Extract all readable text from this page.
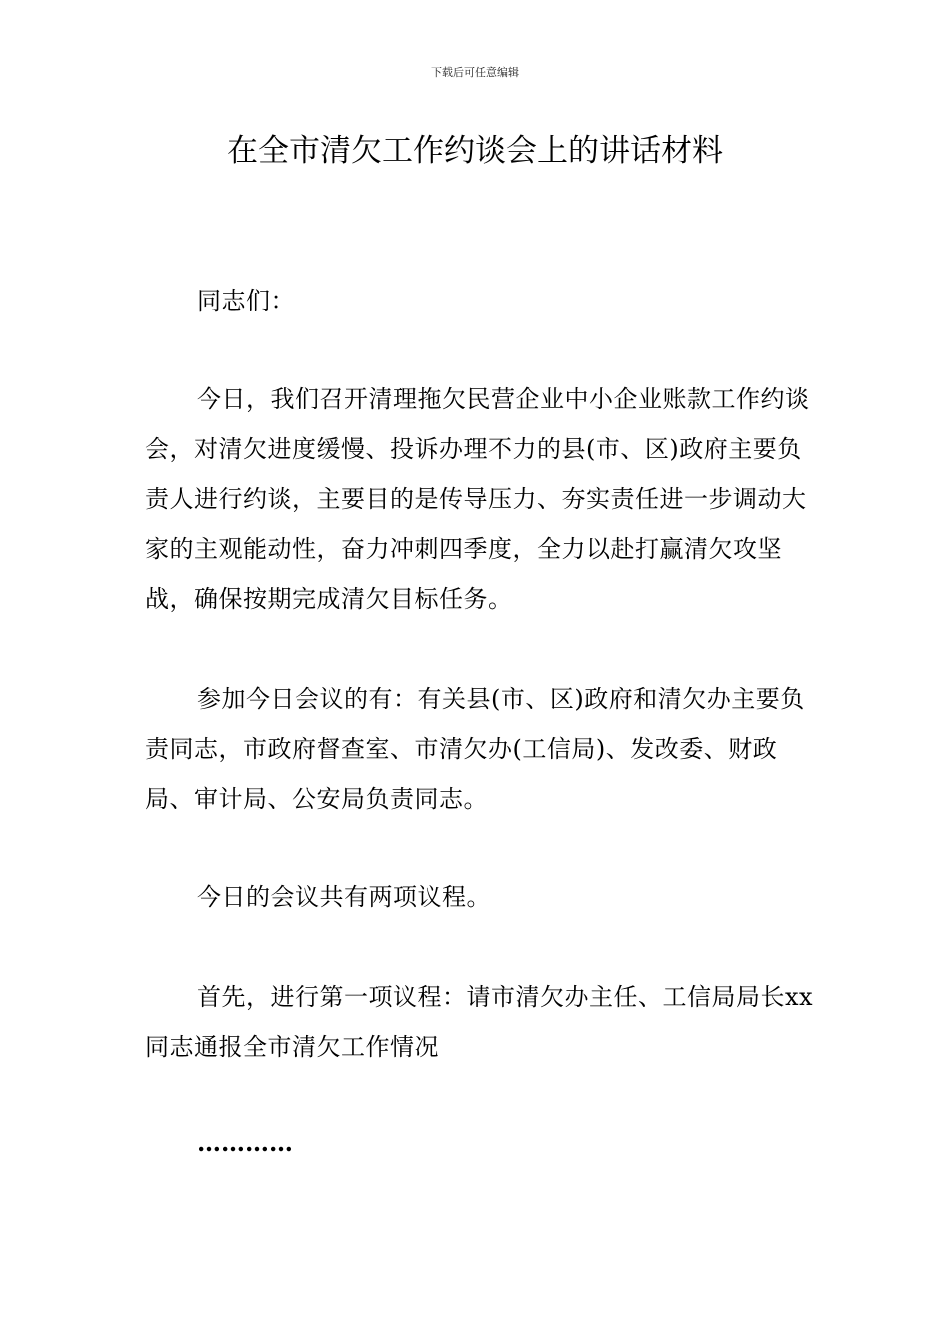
下载后可任意编辑
在全市清欠工作约谈会上的讲话材料

同志们：

今日，我们召开清理拖欠民营企业中小企业账款工作约谈会，对清欠进度缓慢、投诉办理不力的县(市、区)政府主要负责人进行约谈，主要目的是传导压力、夯实责任进一步调动大家的主观能动性，奋力冲刺四季度，全力以赴打赢清欠攻坚战，确保按期完成清欠目标任务。

参加今日会议的有：有关县(市、区)政府和清欠办主要负责同志，市政府督查室、市清欠办(工信局)、发改委、财政局、审计局、公安局负责同志。

今日的会议共有两项议程。

首先，进行第一项议程：请市清欠办主任、工信局局长xx同志通报全市清欠工作情况

…………
